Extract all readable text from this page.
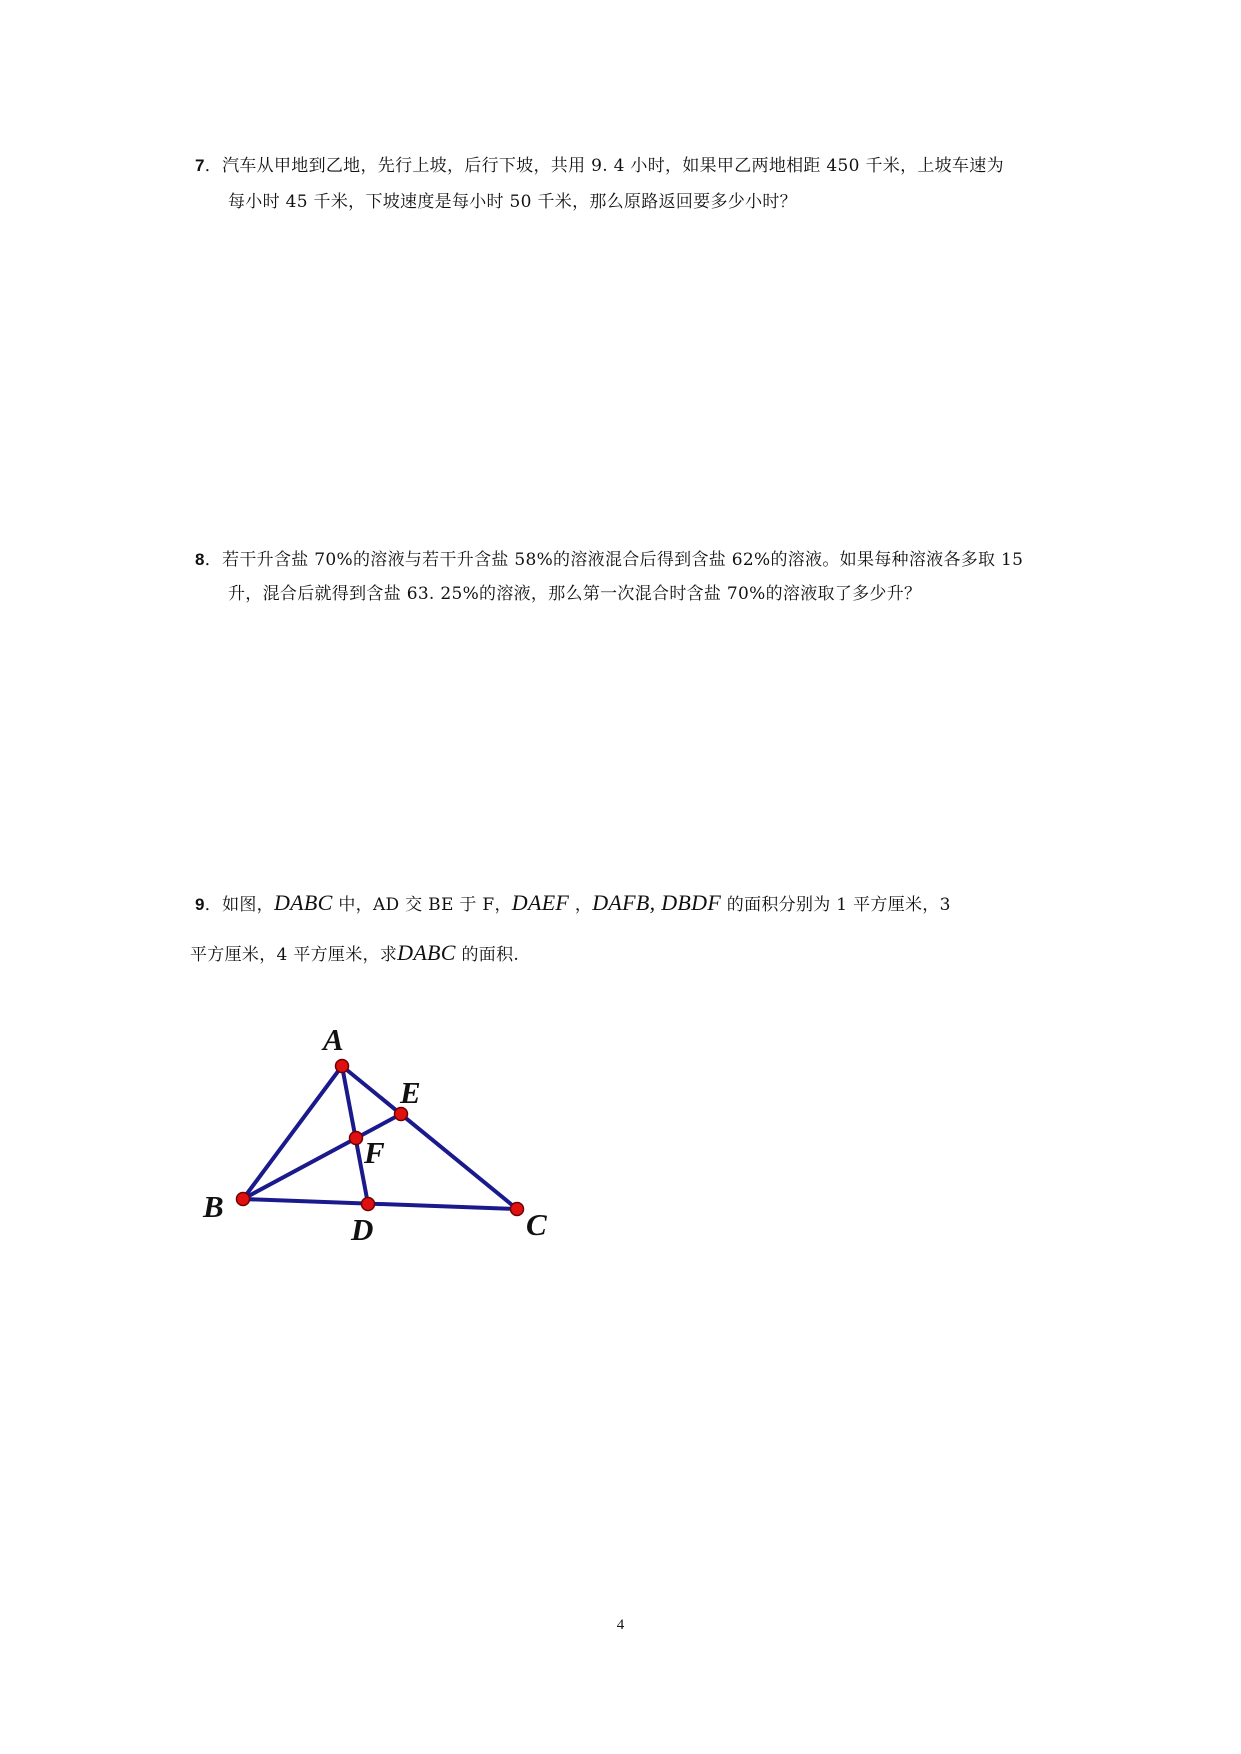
7．汽车从甲地到乙地，先行上坡，后行下坡，共用 9. 4 小时，如果甲乙两地相距 450 千米，上坡车速为
每小时 45 千米，下坡速度是每小时 50 千米，那么原路返回要多少小时？
8．若干升含盐 70%的溶液与若干升含盐 58%的溶液混合后得到含盐 62%的溶液。如果每种溶液各多取 15
升，混合后就得到含盐 63. 25%的溶液，那么第一次混合时含盐 70%的溶液取了多少升？
9．如图，DABC 中，AD 交 BE 于 F，DAEF ，DAFB, DBDF 的面积分别为 1 平方厘米，3
平方厘米，4 平方厘米，求DABC 的面积.
A
E
F
B
D	C
4
